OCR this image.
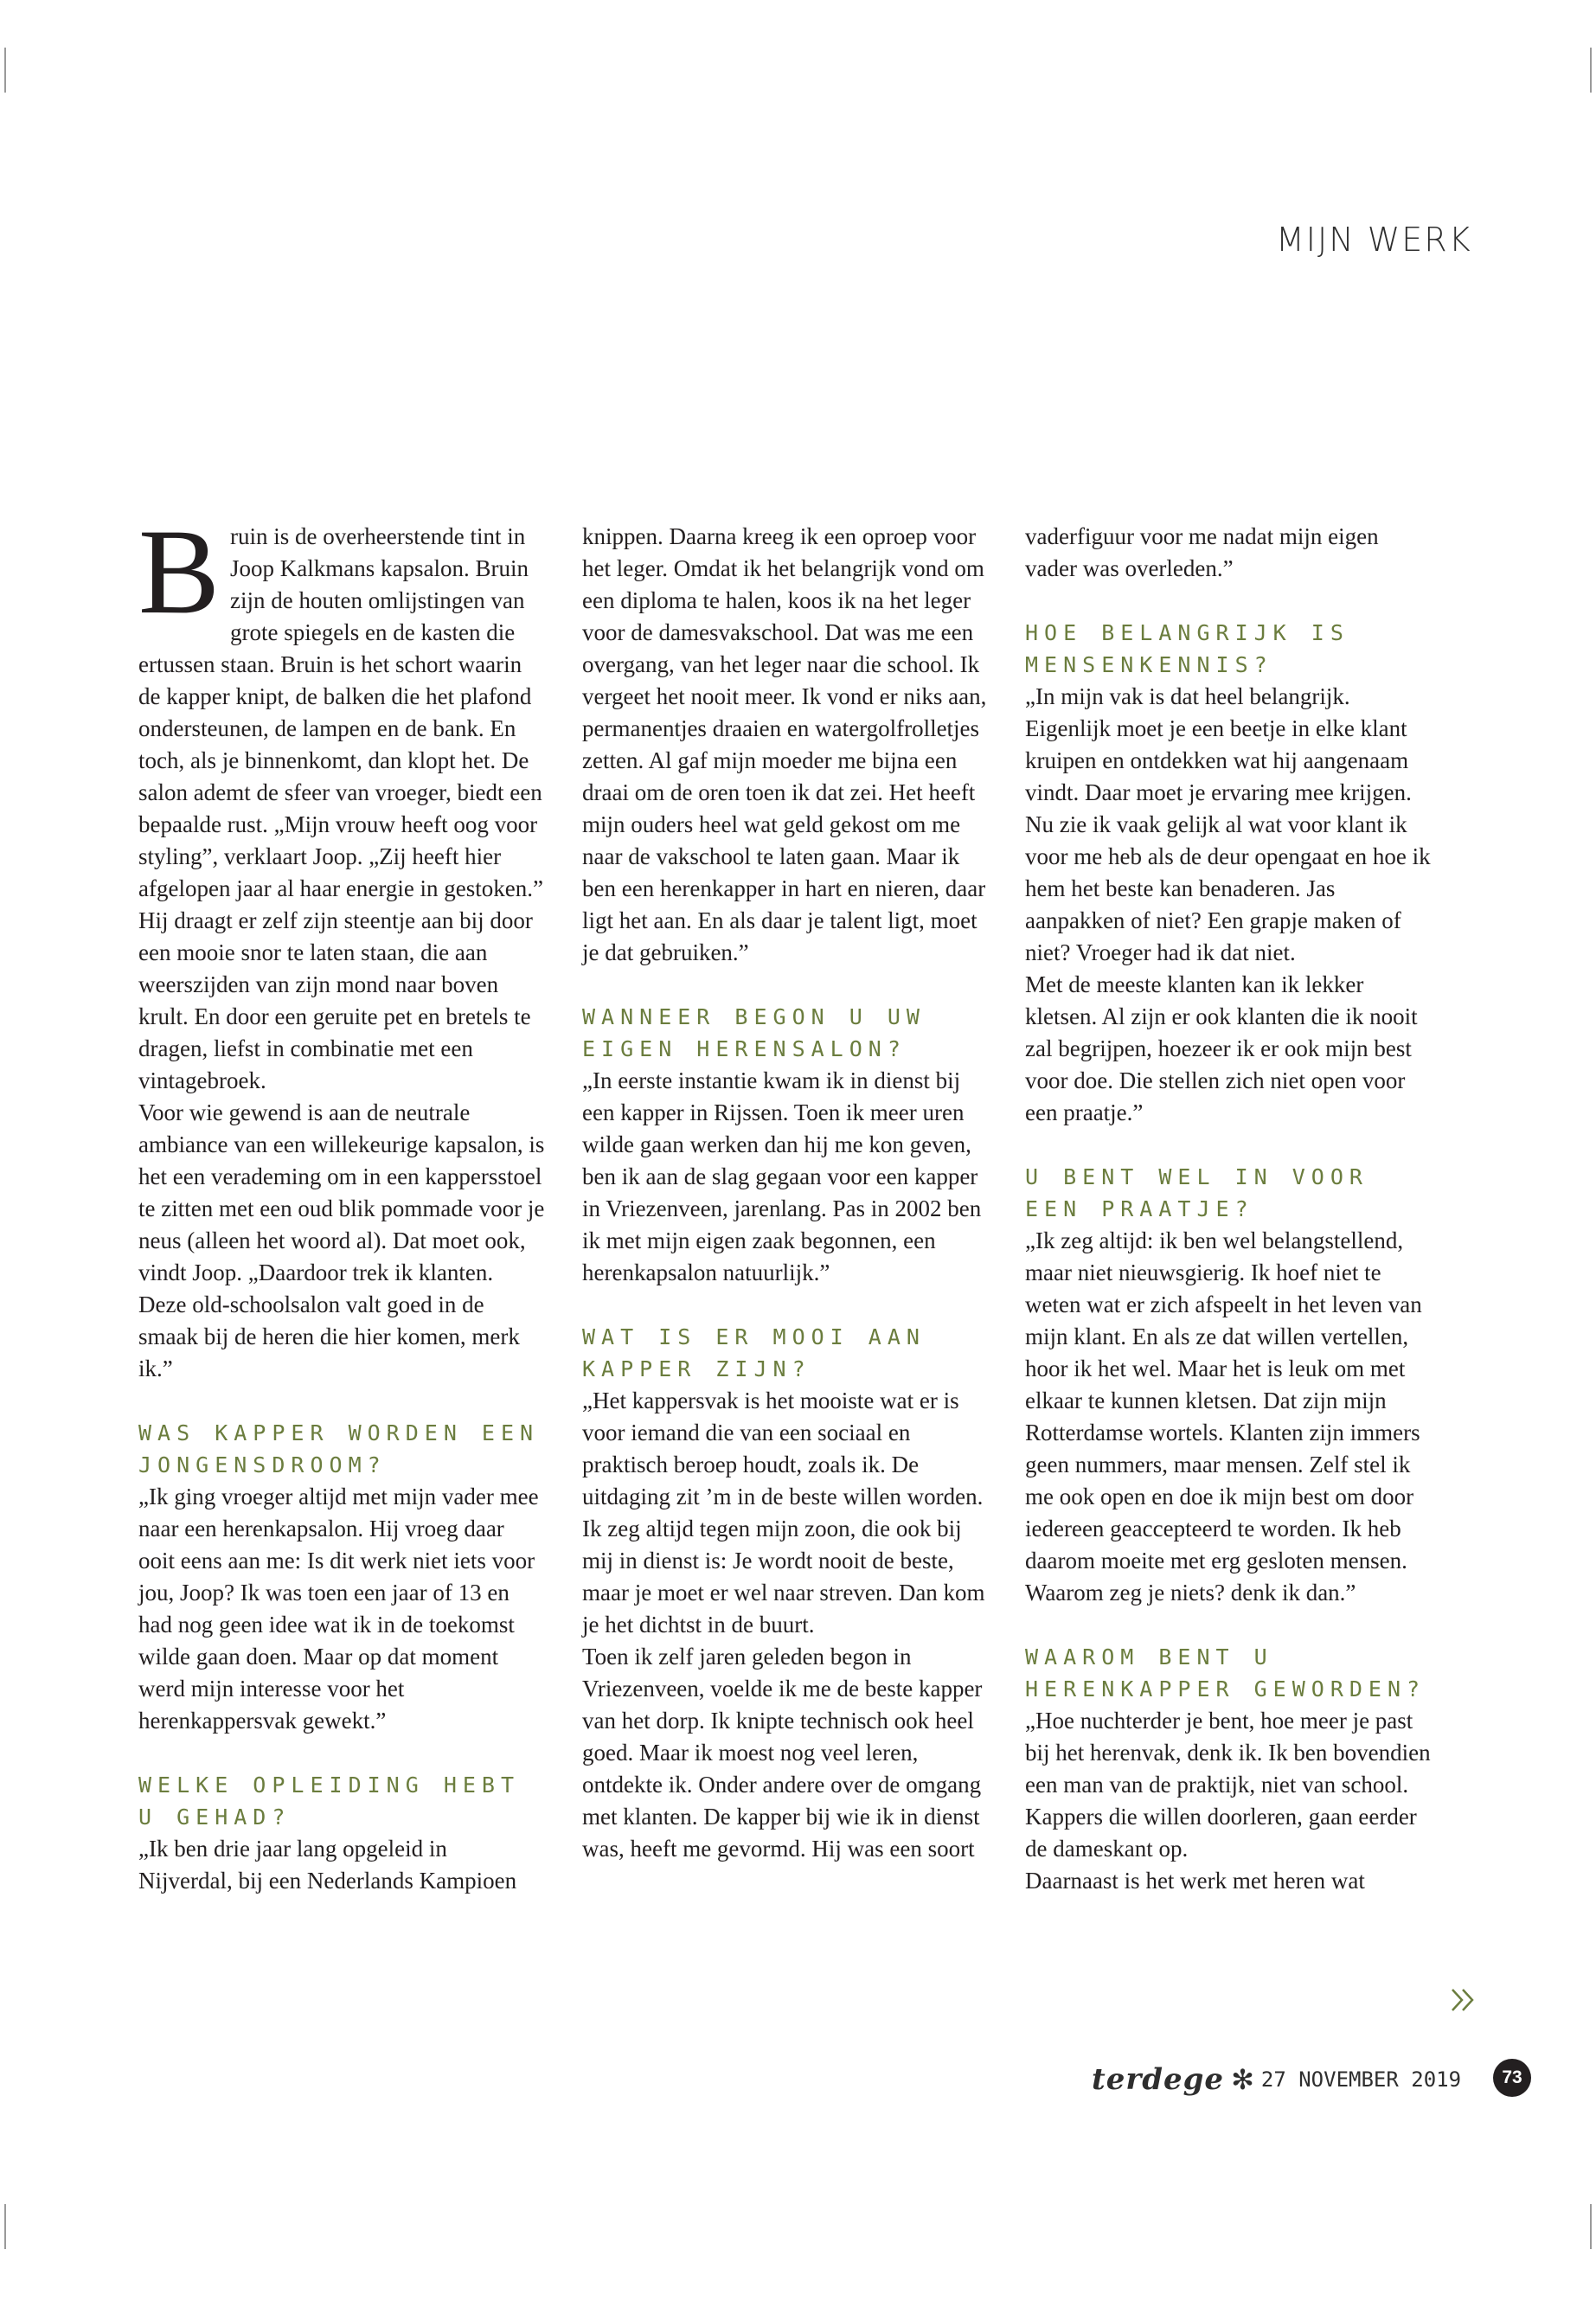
MIJN WERK

Bruin is de overheerstende tint in Joop Kalkmans kapsalon. Bruin zijn de houten omlijstingen van grote spiegels en de kasten die ertussen staan. Bruin is het schort waarin de kapper knipt, de balken die het plafond ondersteunen, de lampen en de bank. En toch, als je binnenkomt, dan klopt het. De salon ademt de sfeer van vroeger, biedt een bepaalde rust. „Mijn vrouw heeft oog voor styling”, verklaart Joop. „Zij heeft hier afgelopen jaar al haar energie in gestoken.” Hij draagt er zelf zijn steentje aan bij door een mooie snor te laten staan, die aan weerszijden van zijn mond naar boven krult. En door een geruite pet en bretels te dragen, liefst in combinatie met een vintagebroek.

Voor wie gewend is aan de neutrale ambiance van een willekeurige kapsalon, is het een verademing om in een kappersstoel te zitten met een oud blik pommade voor je neus (alleen het woord al). Dat moet ook, vindt Joop. „Daardoor trek ik klanten. Deze old-schoolsalon valt goed in de smaak bij de heren die hier komen, merk ik.”

WAS KAPPER WORDEN EEN JONGENSDROOM?

„Ik ging vroeger altijd met mijn vader mee naar een herenkapsalon. Hij vroeg daar ooit eens aan me: Is dit werk niet iets voor jou, Joop? Ik was toen een jaar of 13 en had nog geen idee wat ik in de toekomst wilde gaan doen. Maar op dat moment werd mijn interesse voor het herenkappersvak gewekt.”

WELKE OPLEIDING HEBT U GEHAD?

„Ik ben drie jaar lang opgeleid in Nijverdal, bij een Nederlands Kampioen

knippen. Daarna kreeg ik een oproep voor het leger. Omdat ik het belangrijk vond om een diploma te halen, koos ik na het leger voor de damesvakschool. Dat was me een overgang, van het leger naar die school. Ik vergeet het nooit meer. Ik vond er niks aan, permanentjes draaien en watergolfrolletjes zetten. Al gaf mijn moeder me bijna een draai om de oren toen ik dat zei. Het heeft mijn ouders heel wat geld gekost om me naar de vakschool te laten gaan. Maar ik ben een herenkapper in hart en nieren, daar ligt het aan. En als daar je talent ligt, moet je dat gebruiken.”

WANNEER BEGON U UW EIGEN HERENSALON?

„In eerste instantie kwam ik in dienst bij een kapper in Rijssen. Toen ik meer uren wilde gaan werken dan hij me kon geven, ben ik aan de slag gegaan voor een kapper in Vriezenveen, jarenlang. Pas in 2002 ben ik met mijn eigen zaak begonnen, een herenkapsalon natuurlijk.”

WAT IS ER MOOI AAN KAPPER ZIJN?

„Het kappersvak is het mooiste wat er is voor iemand die van een sociaal en praktisch beroep houdt, zoals ik. De uitdaging zit ’m in de beste willen worden. Ik zeg altijd tegen mijn zoon, die ook bij mij in dienst is: Je wordt nooit de beste, maar je moet er wel naar streven. Dan kom je het dichtst in de buurt.

Toen ik zelf jaren geleden begon in Vriezenveen, voelde ik me de beste kapper van het dorp. Ik knipte technisch ook heel goed. Maar ik moest nog veel leren, ontdekte ik. Onder andere over de omgang met klanten. De kapper bij wie ik in dienst was, heeft me gevormd. Hij was een soort

vaderfiguur voor me nadat mijn eigen vader was overleden.”

HOE BELANGRIJK IS MENSENKENNIS?

„In mijn vak is dat heel belangrijk. Eigenlijk moet je een beetje in elke klant kruipen en ontdekken wat hij aangenaam vindt. Daar moet je ervaring mee krijgen. Nu zie ik vaak gelijk al wat voor klant ik voor me heb als de deur opengaat en hoe ik hem het beste kan benaderen. Jas aanpakken of niet? Een grapje maken of niet? Vroeger had ik dat niet.

Met de meeste klanten kan ik lekker kletsen. Al zijn er ook klanten die ik nooit zal begrijpen, hoezeer ik er ook mijn best voor doe. Die stellen zich niet open voor een praatje.”

U BENT WEL IN VOOR EEN PRAATJE?

„Ik zeg altijd: ik ben wel belangstellend, maar niet nieuwsgierig. Ik hoef niet te weten wat er zich afspeelt in het leven van mijn klant. En als ze dat willen vertellen, hoor ik het wel. Maar het is leuk om met elkaar te kunnen kletsen. Dat zijn mijn Rotterdamse wortels. Klanten zijn immers geen nummers, maar mensen. Zelf stel ik me ook open en doe ik mijn best om door iedereen geaccepteerd te worden. Ik heb daarom moeite met erg gesloten mensen. Waarom zeg je niets? denk ik dan.”

WAAROM BENT U HERENKAPPER GEWORDEN?

„Hoe nuchterder je bent, hoe meer je past bij het herenvak, denk ik. Ik ben bovendien een man van de praktijk, niet van school. Kappers die willen doorleren, gaan eerder de dameskant op.

Daarnaast is het werk met heren wat

terdege ✻ 27 NOVEMBER 2019	73
